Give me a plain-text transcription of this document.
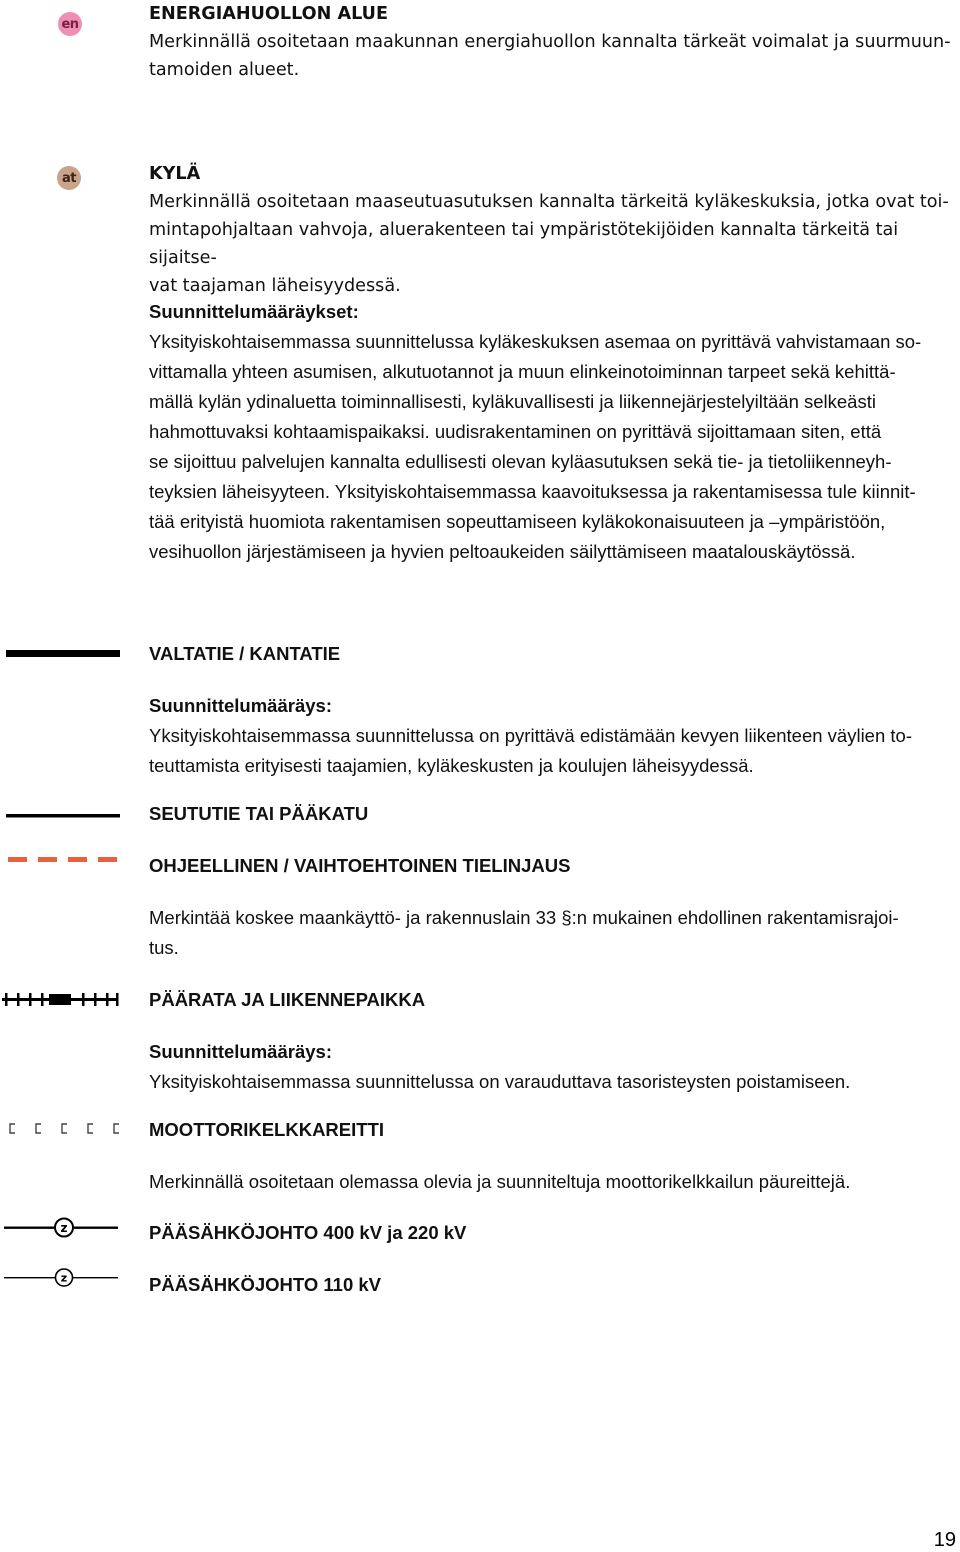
en	ENERGIAHUOLLON ALUE
Merkinnällä osoitetaan maakunnan energiahuollon kannalta tärkeät voimalat ja suurmuun-
tamoiden alueet.
at	KYLÄ
Merkinnällä osoitetaan maaseutuasutuksen kannalta tärkeitä kyläkeskuksia, jotka ovat toi-
mintapohjaltaan vahvoja, aluerakenteen tai ympäristötekijöiden kannalta tärkeitä tai sijaitse-
vat taajaman läheisyydessä.
Suunnittelumääräykset:
Yksityiskohtaisemmassa suunnittelussa kyläkeskuksen asemaa on pyrittävä vahvistamaan so-
vittamalla yhteen asumisen, alkutuotannot ja muun elinkeinotoiminnan tarpeet sekä kehittä-
mällä kylän ydinaluetta toiminnallisesti, kyläkuvallisesti ja liikennejärjestelyiltään selkeästi
hahmottuvaksi kohtaamispaikaksi. uudisrakentaminen on pyrittävä sijoittamaan siten, että
se sijoittuu palvelujen kannalta edullisesti olevan kyläasutuksen sekä tie- ja tietoliikenneyh-
teyksien läheisyyteen. Yksityiskohtaisemmassa kaavoituksessa ja rakentamisessa tule kiinnit-
tää erityistä huomiota rakentamisen sopeuttamiseen kyläkokonaisuuteen ja –ympäristöön,
vesihuollon järjestämiseen ja hyvien peltoaukeiden säilyttämiseen maatalouskäytössä.
VALTATIE / KANTATIE
Suunnittelumääräys:
Yksityiskohtaisemmassa suunnittelussa on pyrittävä edistämään kevyen liikenteen väylien to-
teuttamista erityisesti taajamien, kyläkeskusten ja koulujen läheisyydessä.
SEUTUTIE TAI PÄÄKATU
OHJEELLINEN / VAIHTOEHTOINEN TIELINJAUS
Merkintää koskee maankäyttö- ja rakennuslain 33 §:n mukainen ehdollinen rakentamisrajoi-
tus.
PÄÄRATA JA LIIKENNEPAIKKA
Suunnittelumääräys:
Yksityiskohtaisemmassa suunnittelussa on varauduttava tasoristeysten poistamiseen.
MOOTTORIKELKKAREITTI
Merkinnällä osoitetaan olemassa olevia ja suunniteltuja moottorikelkkailun päureittejä.
z	PÄÄSÄHKÖJOHTO 400 kV ja 220 kV
z	PÄÄSÄHKÖJOHTO 110 kV
19
